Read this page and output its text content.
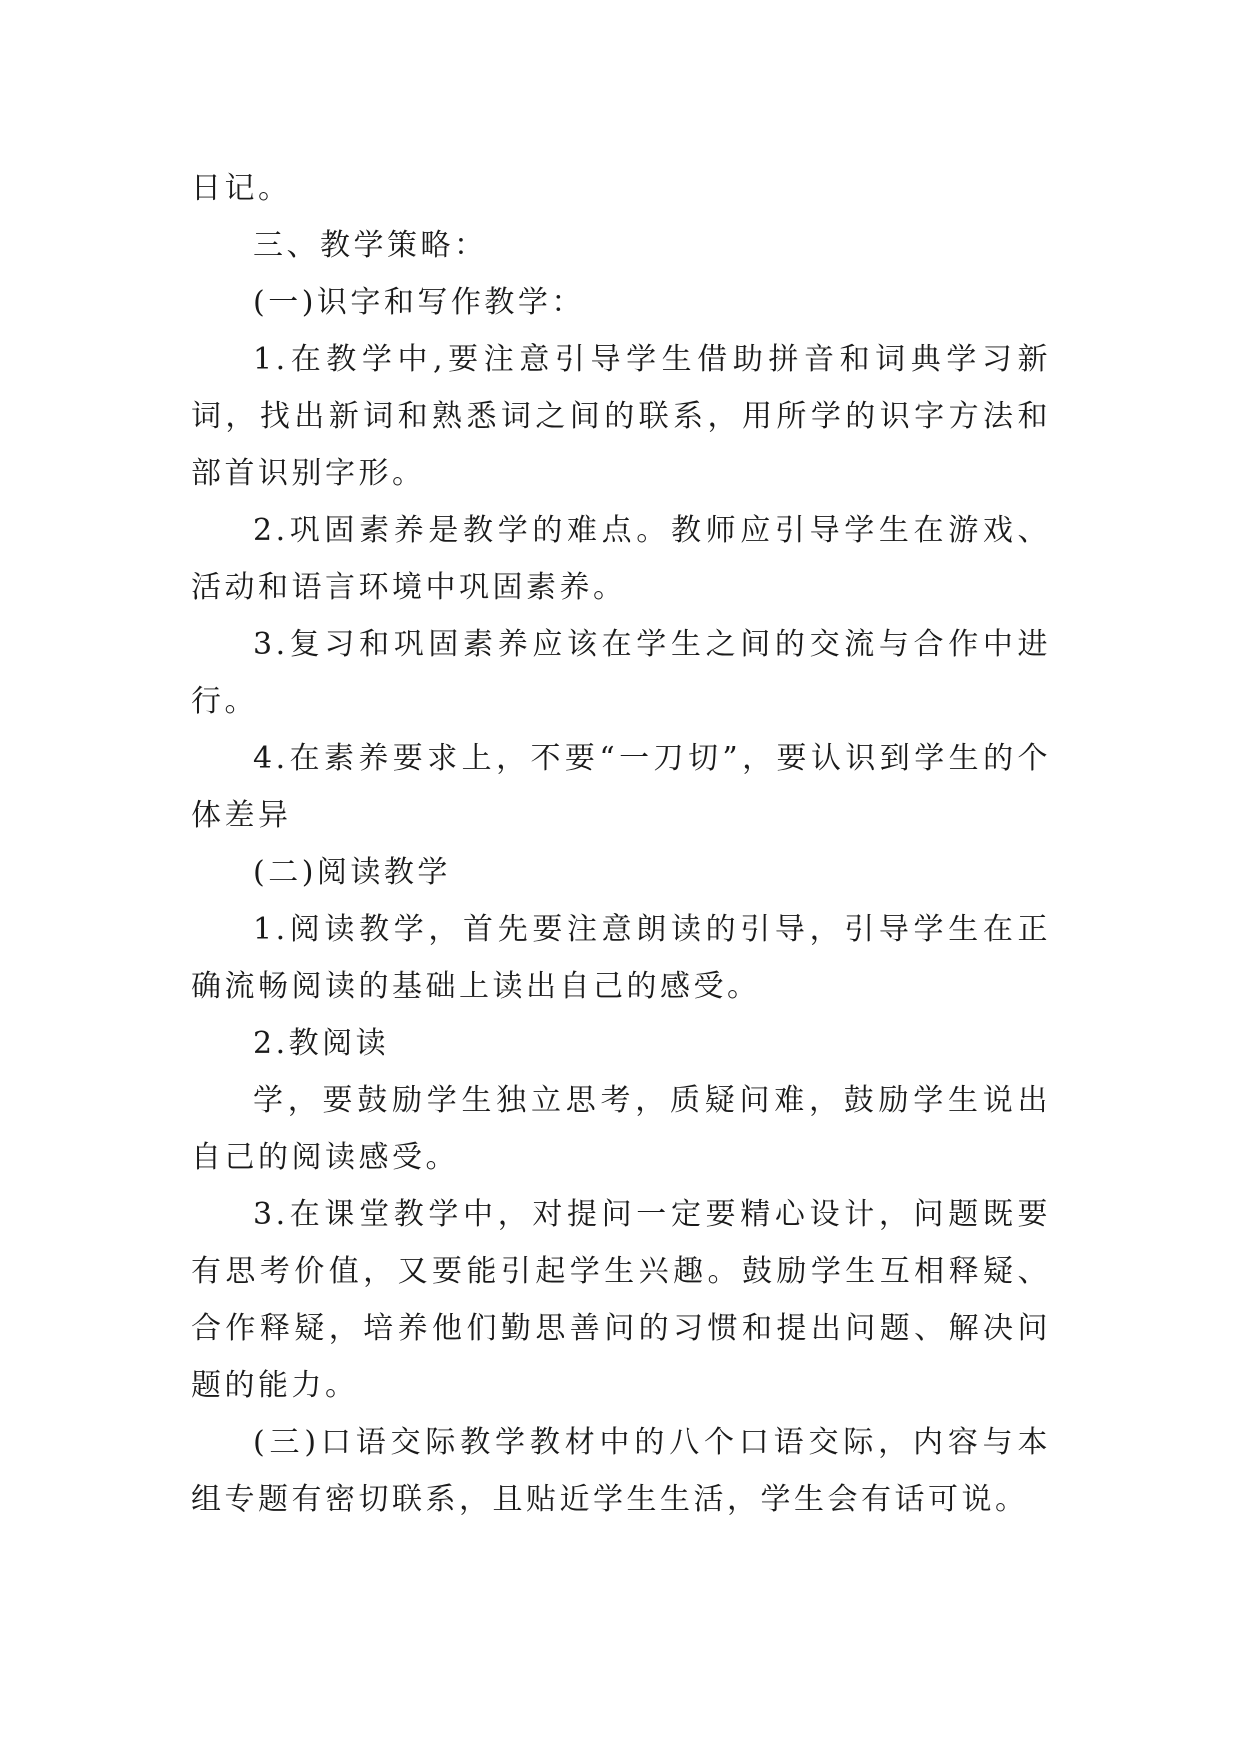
日记。

三、教学策略：

(一)识字和写作教学：

1.在教学中,要注意引导学生借助拼音和词典学习新词，找出新词和熟悉词之间的联系，用所学的识字方法和部首识别字形。

2.巩固素养是教学的难点。教师应引导学生在游戏、活动和语言环境中巩固素养。

3.复习和巩固素养应该在学生之间的交流与合作中进行。

4.在素养要求上，不要“一刀切”，要认识到学生的个体差异

(二)阅读教学

1.阅读教学，首先要注意朗读的引导，引导学生在正确流畅阅读的基础上读出自己的感受。

2.教阅读

学，要鼓励学生独立思考，质疑问难，鼓励学生说出自己的阅读感受。

3.在课堂教学中，对提问一定要精心设计，问题既要有思考价值，又要能引起学生兴趣。鼓励学生互相释疑、合作释疑，培养他们勤思善问的习惯和提出问题、解决问题的能力。

(三)口语交际教学教材中的八个口语交际，内容与本组专题有密切联系，且贴近学生生活，学生会有话可说。
